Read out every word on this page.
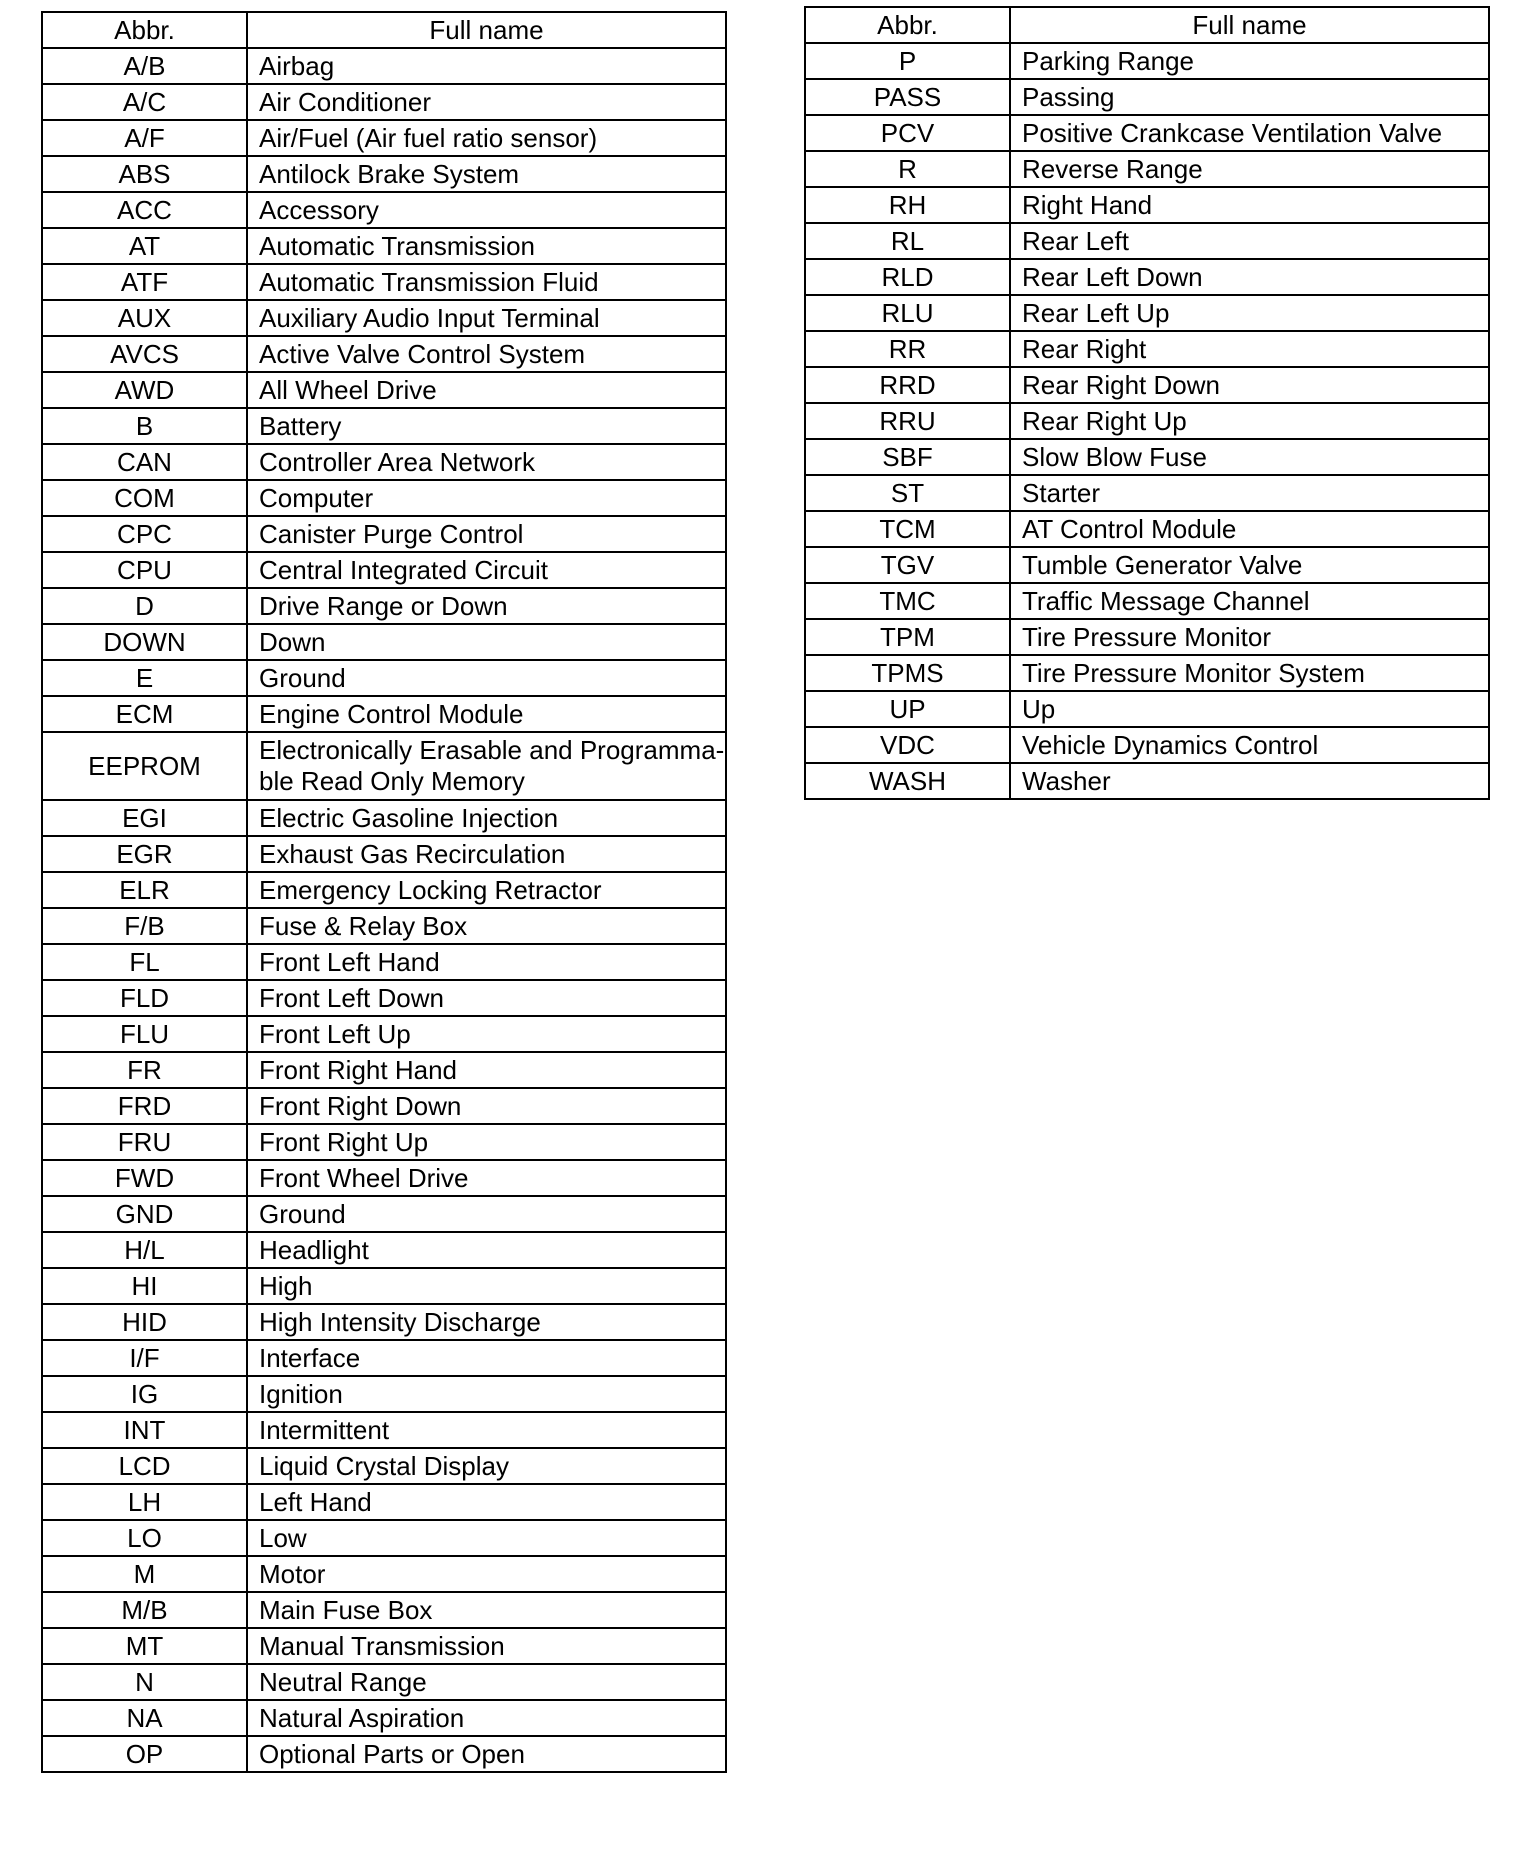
Abbr.	Full name
A/B	Airbag
A/C	Air Conditioner
A/F	Air/Fuel (Air fuel ratio sensor)
ABS	Antilock Brake System
ACC	Accessory
AT	Automatic Transmission
ATF	Automatic Transmission Fluid
AUX	Auxiliary Audio Input Terminal
AVCS	Active Valve Control System
AWD	All Wheel Drive
B	Battery
CAN	Controller Area Network
COM	Computer
CPC	Canister Purge Control
CPU	Central Integrated Circuit
D	Drive Range or Down
DOWN	Down
E	Ground
ECM	Engine Control Module
EEPROM	Electronically Erasable and Programma-ble Read Only Memory
EGI	Electric Gasoline Injection
EGR	Exhaust Gas Recirculation
ELR	Emergency Locking Retractor
F/B	Fuse & Relay Box
FL	Front Left Hand
FLD	Front Left Down
FLU	Front Left Up
FR	Front Right Hand
FRD	Front Right Down
FRU	Front Right Up
FWD	Front Wheel Drive
GND	Ground
H/L	Headlight
HI	High
HID	High Intensity Discharge
I/F	Interface
IG	Ignition
INT	Intermittent
LCD	Liquid Crystal Display
LH	Left Hand
LO	Low
M	Motor
M/B	Main Fuse Box
MT	Manual Transmission
N	Neutral Range
NA	Natural Aspiration
OP	Optional Parts or Open
Abbr.	Full name
P	Parking Range
PASS	Passing
PCV	Positive Crankcase Ventilation Valve
R	Reverse Range
RH	Right Hand
RL	Rear Left
RLD	Rear Left Down
RLU	Rear Left Up
RR	Rear Right
RRD	Rear Right Down
RRU	Rear Right Up
SBF	Slow Blow Fuse
ST	Starter
TCM	AT Control Module
TGV	Tumble Generator Valve
TMC	Traffic Message Channel
TPM	Tire Pressure Monitor
TPMS	Tire Pressure Monitor System
UP	Up
VDC	Vehicle Dynamics Control
WASH	Washer
